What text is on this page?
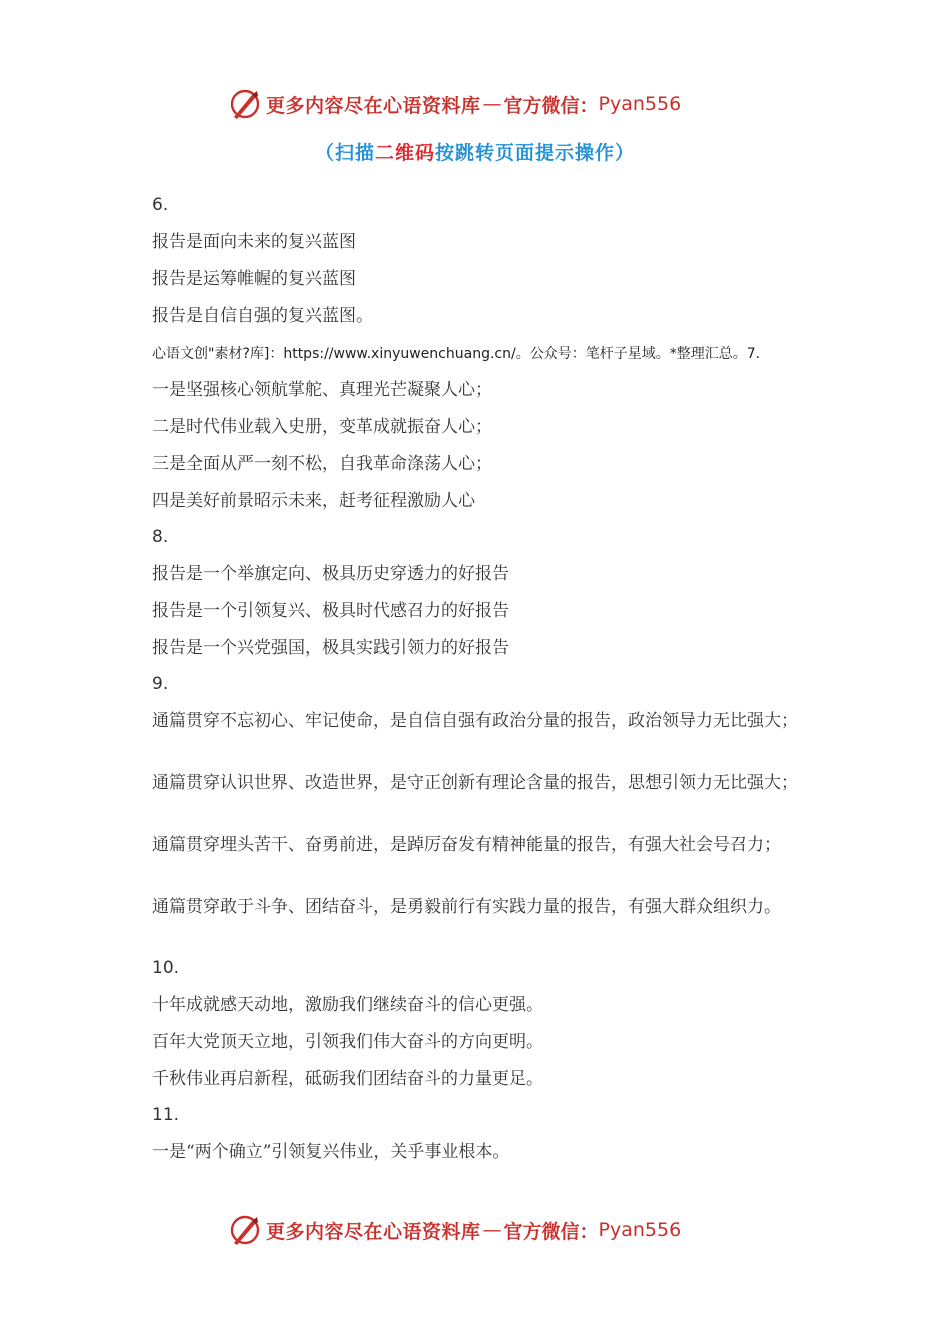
更多内容尽在心语资料库 — 官方微信： Pyan556
（扫描二维码按跳转页面提示操作）
6.
报告是面向未来的复兴蓝图
报告是运筹帷幄的复兴蓝图
报告是自信自强的复兴蓝图。
心语文创"素材?库]：https://www.xinyuwenchuang.cn/。公众号：笔杆子星域。*整理汇总。7.
一是坚强核心领航掌舵、真理光芒凝聚人心；
二是时代伟业载入史册，变革成就振奋人心；
三是全面从严一刻不松，自我革命涤荡人心；
四是美好前景昭示未来，赶考征程激励人心
8.
报告是一个举旗定向、极具历史穿透力的好报告
报告是一个引领复兴、极具时代感召力的好报告
报告是一个兴党强国，极具实践引领力的好报告
9.
通篇贯穿不忘初心、牢记使命，是自信自强有政治分量的报告，政治领导力无比强大；
通篇贯穿认识世界、改造世界，是守正创新有理论含量的报告，思想引领力无比强大；
通篇贯穿埋头苦干、奋勇前进，是踔厉奋发有精神能量的报告，有强大社会号召力；
通篇贯穿敢于斗争、团结奋斗，是勇毅前行有实践力量的报告，有强大群众组织力。
10.
十年成就感天动地，激励我们继续奋斗的信心更强。
百年大党顶天立地，引领我们伟大奋斗的方向更明。
千秋伟业再启新程，砥砺我们团结奋斗的力量更足。
11.
一是“两个确立”引领复兴伟业，关乎事业根本。
更多内容尽在心语资料库 — 官方微信： Pyan556
